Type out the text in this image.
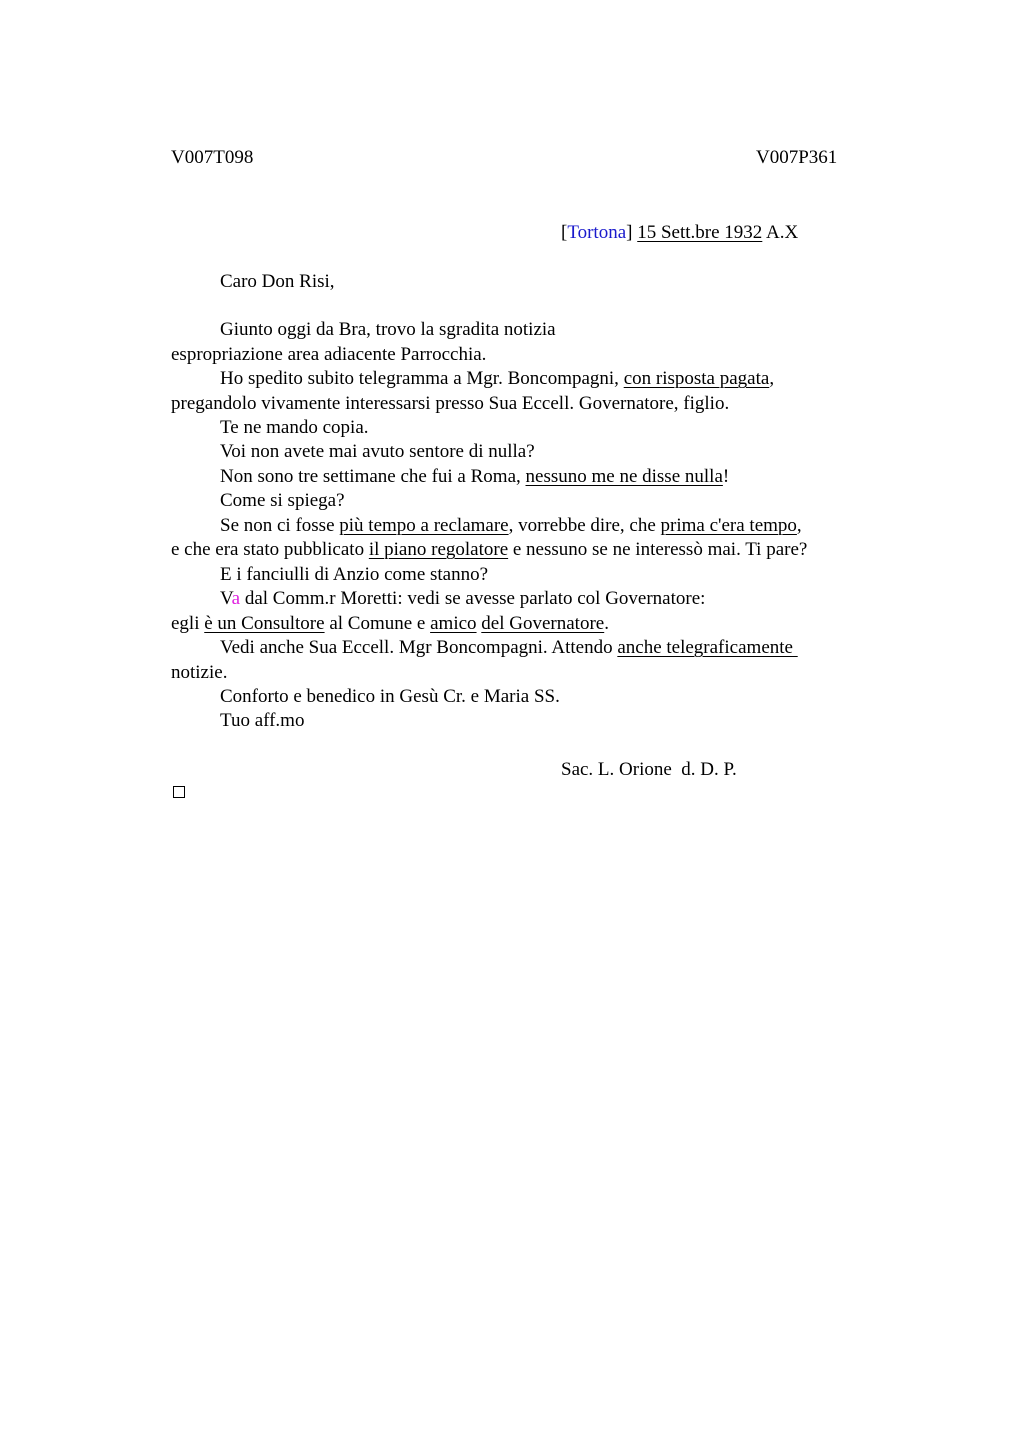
V007T098	V007P361
[Tortona] 15 Sett.bre 1932 A.X
Caro Don Risi,
Giunto oggi da Bra, trovo la sgradita notizia
espropriazione area adiacente Parrocchia.
Ho spedito subito telegramma a Mgr. Boncompagni, con risposta pagata,
pregandolo vivamente interessarsi presso Sua Eccell. Governatore, figlio.
Te ne mando copia.
Voi non avete mai avuto sentore di nulla?
Non sono tre settimane che fui a Roma, nessuno me ne disse nulla!
Come si spiega?
Se non ci fosse più tempo a reclamare, vorrebbe dire, che prima c'era tempo,
e che era stato pubblicato il piano regolatore e nessuno se ne interessò mai. Ti pare?
E i fanciulli di Anzio come stanno?
Va dal Comm.r Moretti: vedi se avesse parlato col Governatore:
egli è un Consultore al Comune e amico del Governatore.
Vedi anche Sua Eccell. Mgr Boncompagni. Attendo anche telegraficamente
notizie.
Conforto e benedico in Gesù Cr. e Maria SS.
Tuo aff.mo
Sac. L. Orione  d. D. P.
